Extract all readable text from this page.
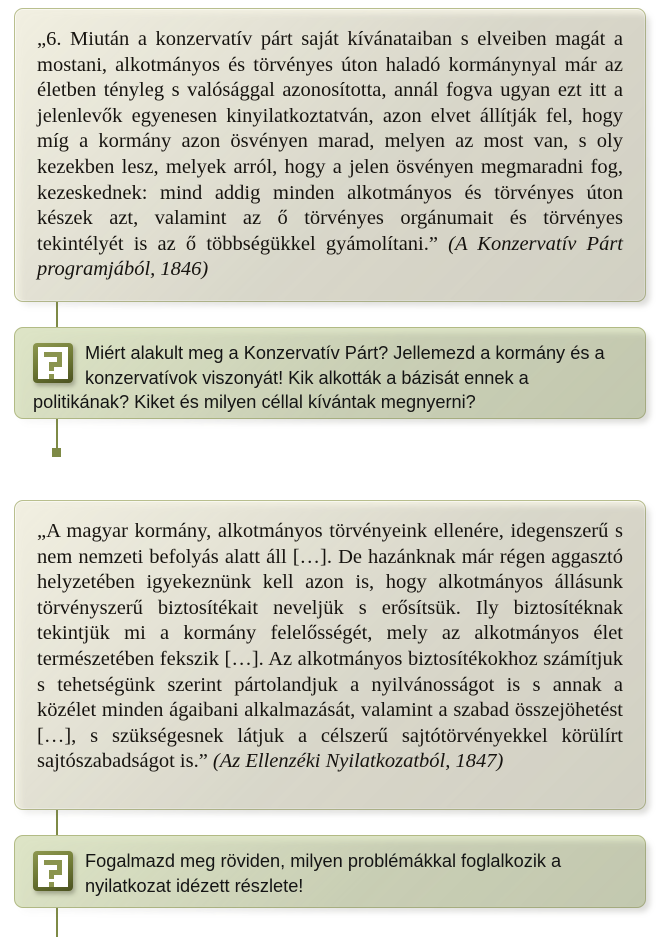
„6. Miután a konzervatív párt saját kívánataiban s elveiben magát a mostani, alkotmányos és törvényes úton haladó kormánynyal már az életben tényleg s valósággal azonosította, annál fogva ugyan ezt itt a jelenlevők egyenesen kinyilatkoztatván, azon elvet állítják fel, hogy míg a kormány azon ösvényen marad, melyen az most van, s oly kezekben lesz, melyek arról, hogy a jelen ösvényen megmaradni fog, kezeskednek: mind addig minden alkotmányos és törvényes úton készek azt, valamint az ő törvényes orgánumait és törvényes tekintélyét is az ő többségükkel gyámolítani.” (A Konzervatív Párt programjából, 1846)

Miért alakult meg a Konzervatív Párt? Jellemezd a kormány és a konzervatívok viszonyát! Kik alkották a bázisát ennek a politikának? Kiket és milyen céllal kívántak megnyerni?

„A magyar kormány, alkotmányos törvényeink ellenére, idegenszerű s nem nemzeti befolyás alatt áll […]. De hazánknak már régen aggasztó helyzetében igyekeznünk kell azon is, hogy alkotmányos állásunk törvényszerű biztosítékait neveljük s erősítsük. Ily biztosítéknak tekintjük mi a kormány felelősségét, mely az alkotmányos élet természetében fekszik […]. Az alkotmányos biztosítékokhoz számítjuk s tehetségünk szerint pártolandjuk a nyilvánosságot is s annak a közélet minden ágaibani alkalmazását, valamint a szabad összejöhetést […], s szükségesnek látjuk a célszerű sajtótörvényekkel körülírt sajtószabadságot is.” (Az Ellenzéki Nyilatkozatból, 1847)

Fogalmazd meg röviden, milyen problémákkal foglalkozik a nyilatkozat idézett részlete!
